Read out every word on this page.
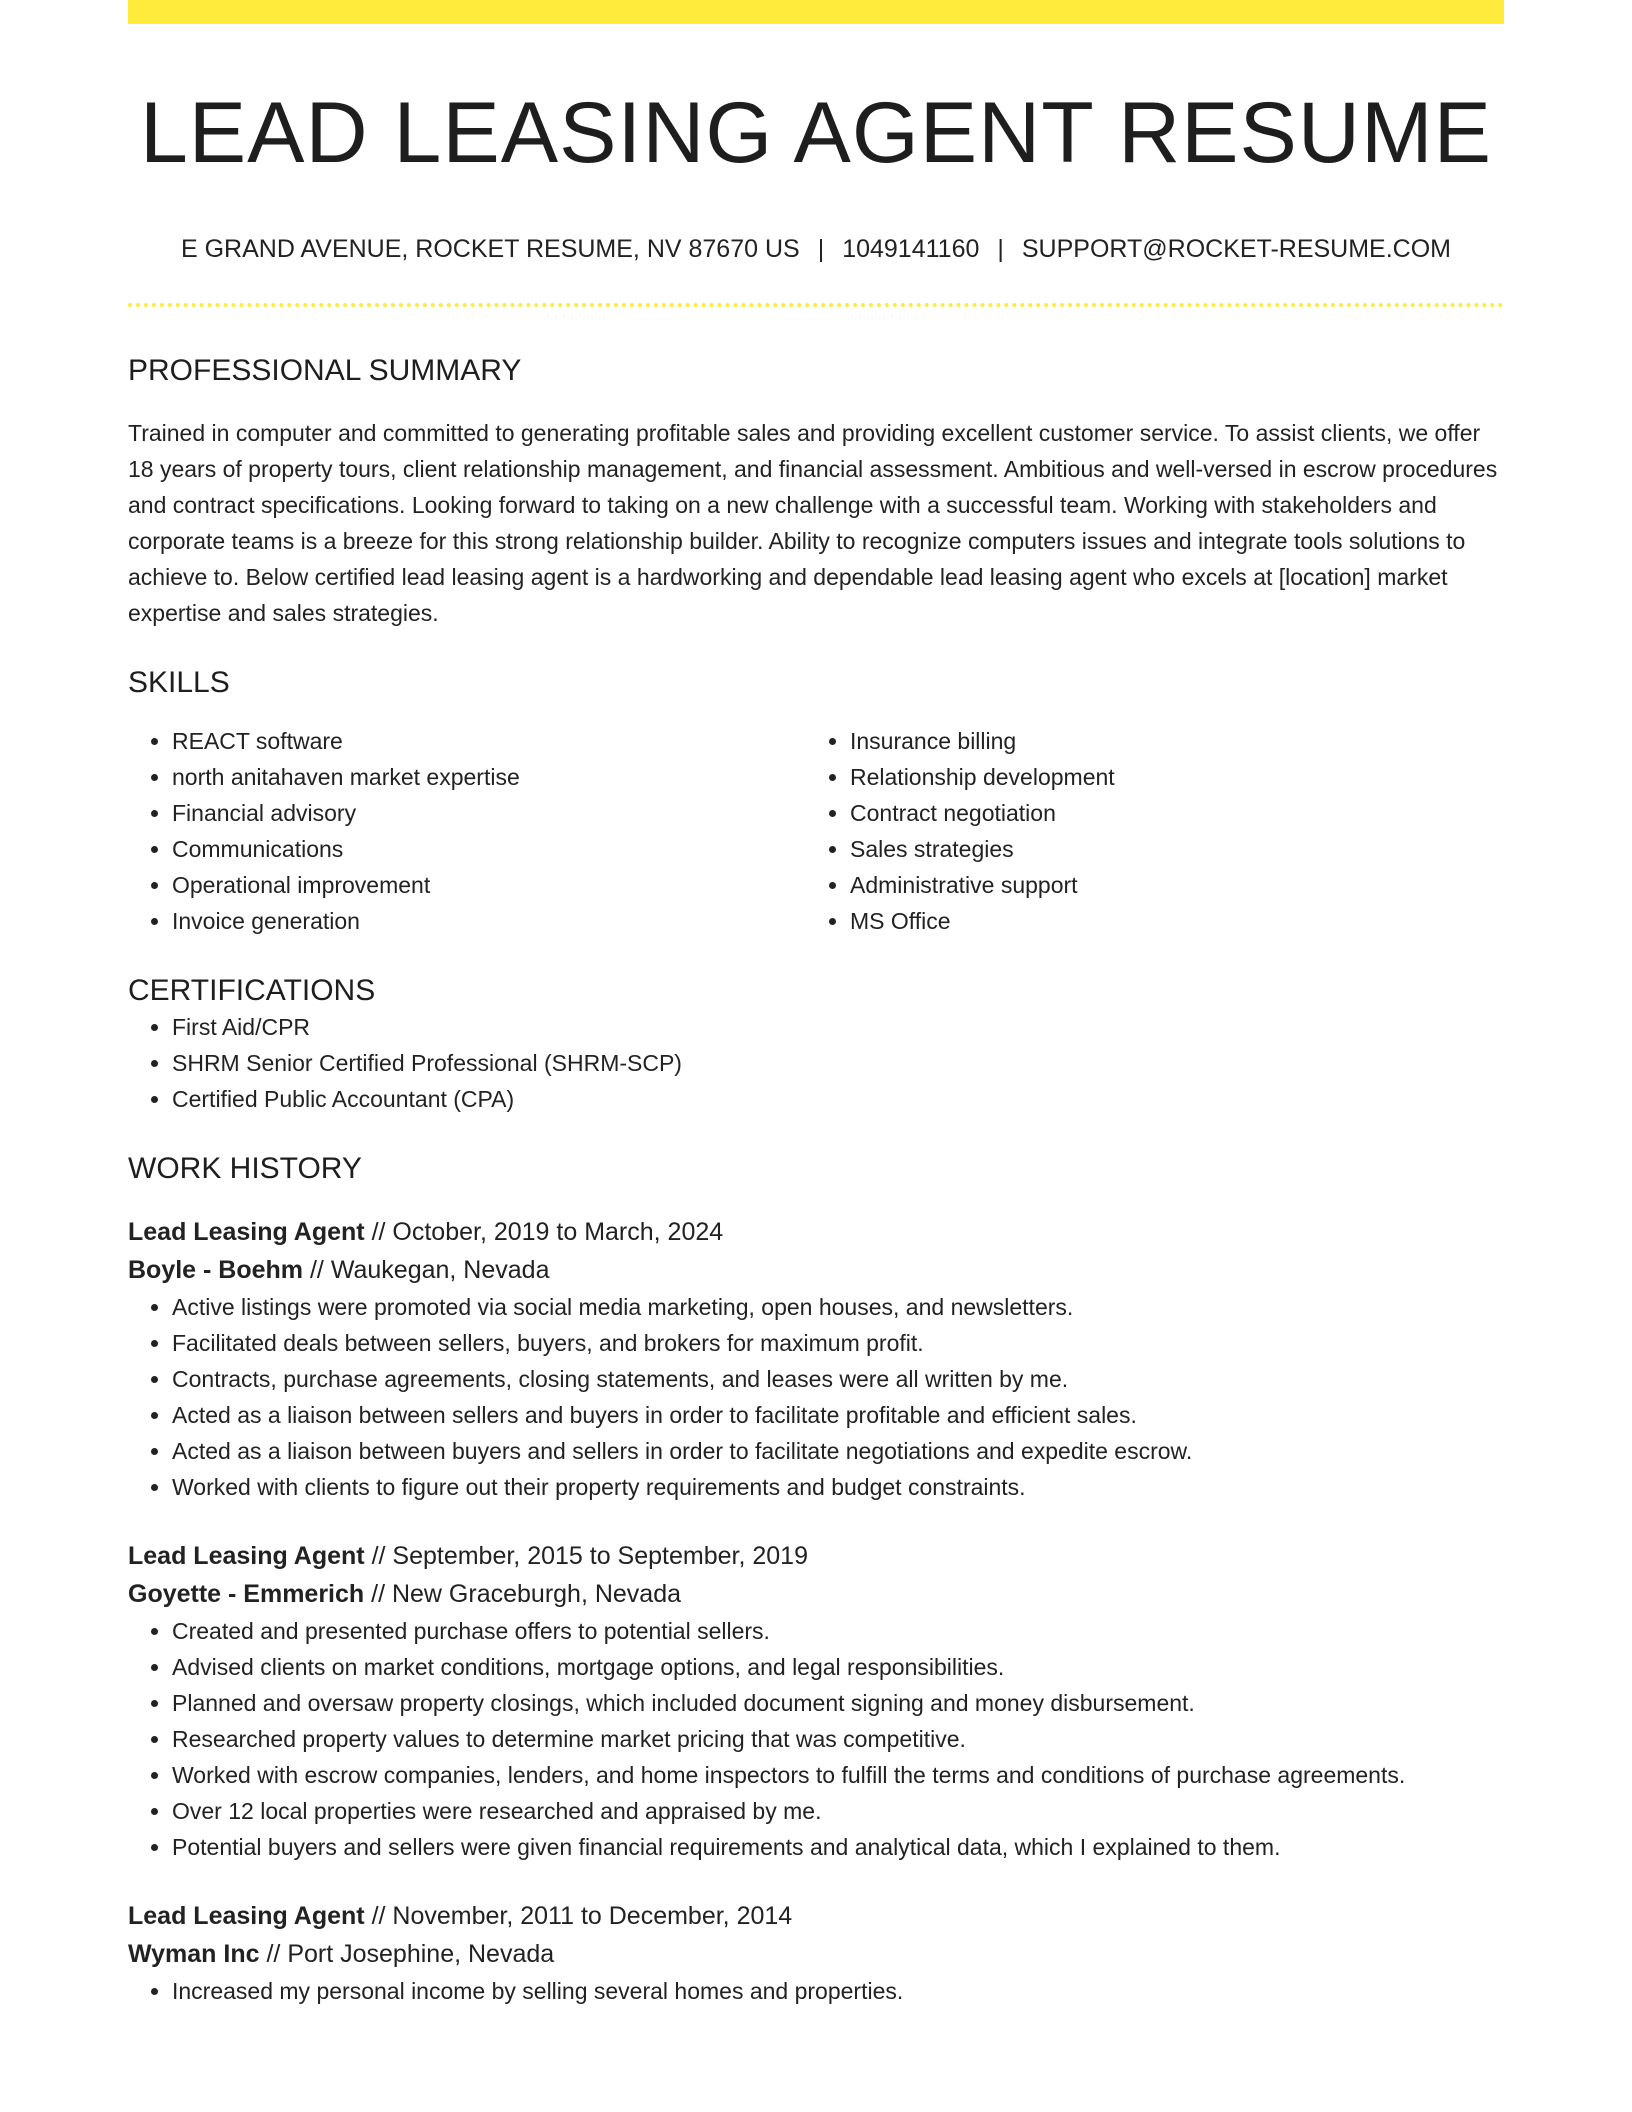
LEAD LEASING AGENT RESUME
E GRAND AVENUE, ROCKET RESUME, NV 87670 US | 1049141160 | SUPPORT@ROCKET-RESUME.COM
PROFESSIONAL SUMMARY
Trained in computer and committed to generating profitable sales and providing excellent customer service. To assist clients, we offer 18 years of property tours, client relationship management, and financial assessment. Ambitious and well-versed in escrow procedures and contract specifications. Looking forward to taking on a new challenge with a successful team. Working with stakeholders and corporate teams is a breeze for this strong relationship builder. Ability to recognize computers issues and integrate tools solutions to achieve to. Below certified lead leasing agent is a hardworking and dependable lead leasing agent who excels at [location] market expertise and sales strategies.
SKILLS
• REACT software
• north anitahaven market expertise
• Financial advisory
• Communications
• Operational improvement
• Invoice generation
• Insurance billing
• Relationship development
• Contract negotiation
• Sales strategies
• Administrative support
• MS Office
CERTIFICATIONS
• First Aid/CPR
• SHRM Senior Certified Professional (SHRM-SCP)
• Certified Public Accountant (CPA)
WORK HISTORY
Lead Leasing Agent // October, 2019 to March, 2024
Boyle - Boehm // Waukegan, Nevada
• Active listings were promoted via social media marketing, open houses, and newsletters.
• Facilitated deals between sellers, buyers, and brokers for maximum profit.
• Contracts, purchase agreements, closing statements, and leases were all written by me.
• Acted as a liaison between sellers and buyers in order to facilitate profitable and efficient sales.
• Acted as a liaison between buyers and sellers in order to facilitate negotiations and expedite escrow.
• Worked with clients to figure out their property requirements and budget constraints.
Lead Leasing Agent // September, 2015 to September, 2019
Goyette - Emmerich // New Graceburgh, Nevada
• Created and presented purchase offers to potential sellers.
• Advised clients on market conditions, mortgage options, and legal responsibilities.
• Planned and oversaw property closings, which included document signing and money disbursement.
• Researched property values to determine market pricing that was competitive.
• Worked with escrow companies, lenders, and home inspectors to fulfill the terms and conditions of purchase agreements.
• Over 12 local properties were researched and appraised by me.
• Potential buyers and sellers were given financial requirements and analytical data, which I explained to them.
Lead Leasing Agent // November, 2011 to December, 2014
Wyman Inc // Port Josephine, Nevada
• Increased my personal income by selling several homes and properties.
